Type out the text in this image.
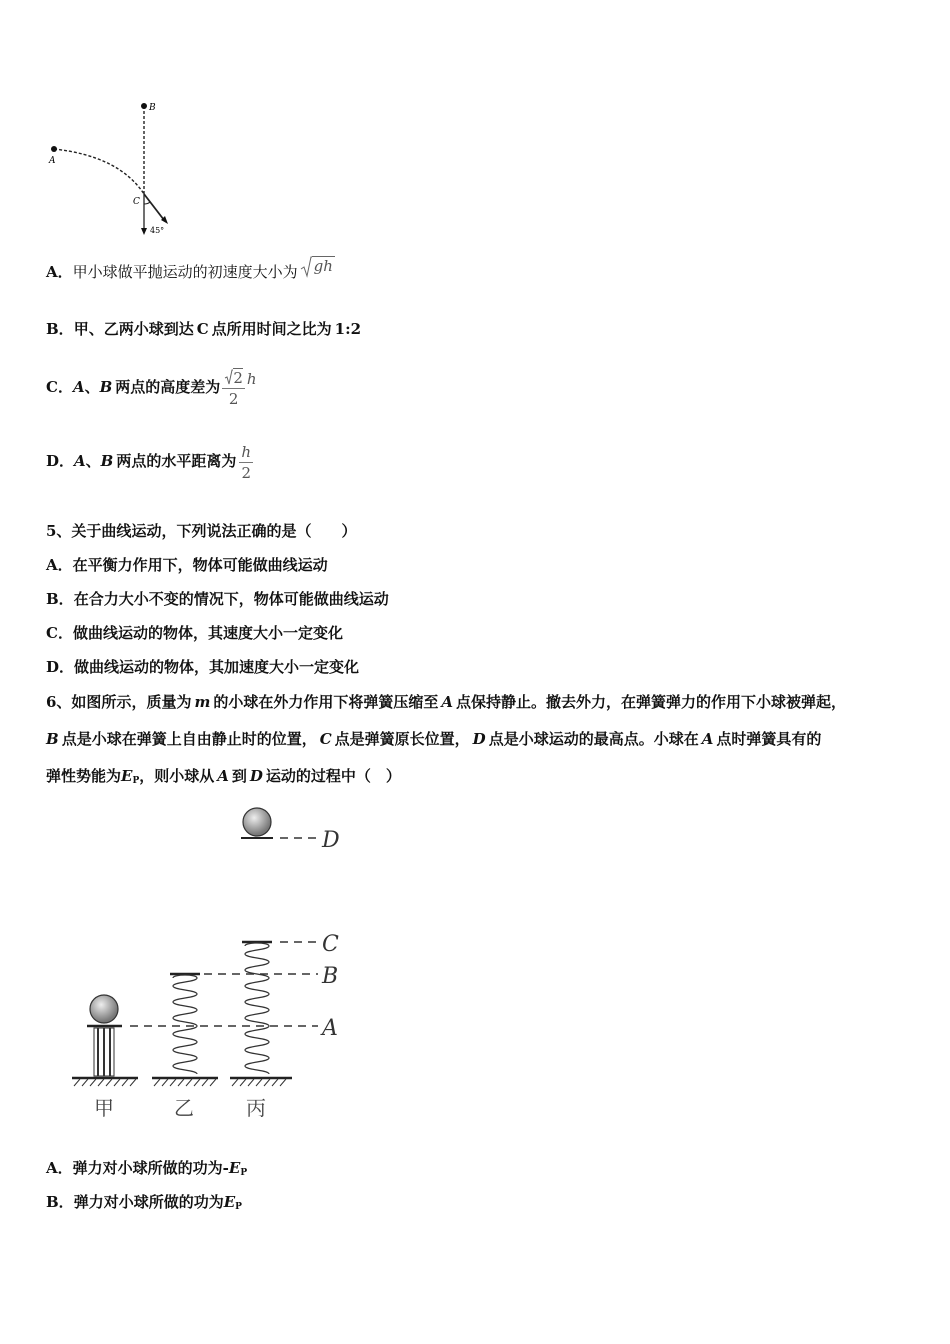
B
A
C
45°
A．甲小球做平抛运动的初速度大小为 gh
B．甲、乙两小球到达 C 点所用时间之比为 1:2
C．A、B 两点的高度差为 $\frac{2}{2}$ h
D．A、B 两点的水平距离为 $\frac{h}{2}$
5、关于曲线运动，下列说法正确的是（　　）
A．在平衡力作用下，物体可能做曲线运动
B．在合力大小不变的情况下，物体可能做曲线运动
C．做曲线运动的物体，其速度大小一定变化
D．做曲线运动的物体，其加速度大小一定变化
6、如图所示，质量为 m 的小球在外力作用下将弹簧压缩至 A 点保持静止。撤去外力，在弹簧弹力的作用下小球被弹起，
B 点是小球在弹簧上自由静止时的位置， C 点是弹簧原长位置， D 点是小球运动的最高点。小球在 A 点时弹簧具有的
弹性势能为$E_P$，则小球从 A 到 D 运动的过程中（　）
D
C
B
A
甲	乙	丙
A．弹力对小球所做的功为$-E_P$
B．弹力对小球所做的功为$E_P$
